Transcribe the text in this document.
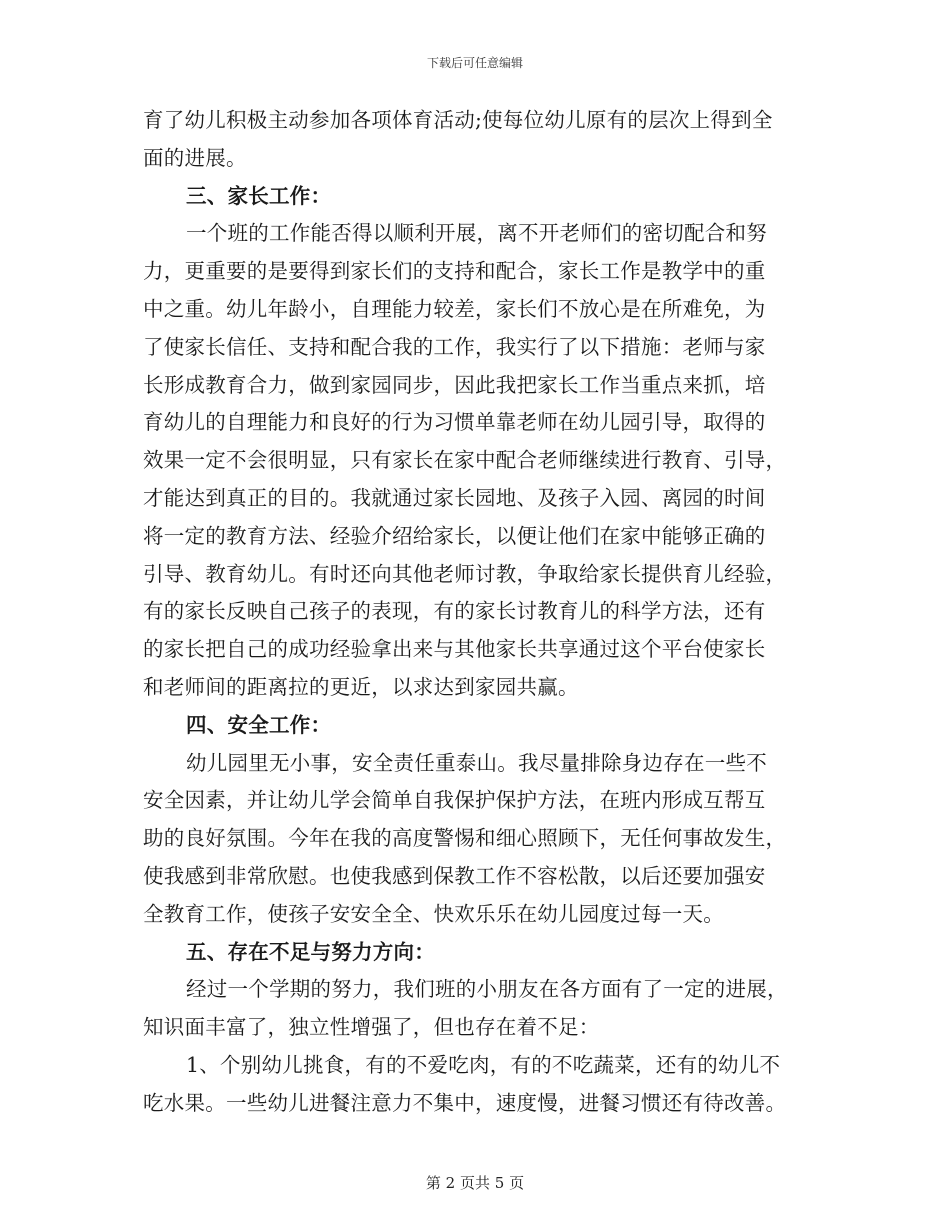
下载后可任意编辑
育了幼儿积极主动参加各项体育活动;使每位幼儿原有的层次上得到全
面的进展。
三、家长工作：
一个班的工作能否得以顺利开展，离不开老师们的密切配合和努
力，更重要的是要得到家长们的支持和配合，家长工作是教学中的重
中之重。幼儿年龄小，自理能力较差，家长们不放心是在所难免，为
了使家长信任、支持和配合我的工作，我实行了以下措施：老师与家
长形成教育合力，做到家园同步，因此我把家长工作当重点来抓，培
育幼儿的自理能力和良好的行为习惯单靠老师在幼儿园引导，取得的
效果一定不会很明显，只有家长在家中配合老师继续进行教育、引导，
才能达到真正的目的。我就通过家长园地、及孩子入园、离园的时间
将一定的教育方法、经验介绍给家长，以便让他们在家中能够正确的
引导、教育幼儿。有时还向其他老师讨教，争取给家长提供育儿经验，
有的家长反映自己孩子的表现，有的家长讨教育儿的科学方法，还有
的家长把自己的成功经验拿出来与其他家长共享通过这个平台使家长
和老师间的距离拉的更近，以求达到家园共赢。
四、安全工作：
幼儿园里无小事，安全责任重泰山。我尽量排除身边存在一些不
安全因素，并让幼儿学会简单自我保护保护方法，在班内形成互帮互
助的良好氛围。今年在我的高度警惕和细心照顾下，无任何事故发生，
使我感到非常欣慰。也使我感到保教工作不容松散，以后还要加强安
全教育工作，使孩子安安全全、快欢乐乐在幼儿园度过每一天。
五、存在不足与努力方向：
经过一个学期的努力，我们班的小朋友在各方面有了一定的进展，
知识面丰富了，独立性增强了，但也存在着不足：
1、个别幼儿挑食，有的不爱吃肉，有的不吃蔬菜，还有的幼儿不
吃水果。一些幼儿进餐注意力不集中，速度慢，进餐习惯还有待改善。
第 2 页共 5 页
